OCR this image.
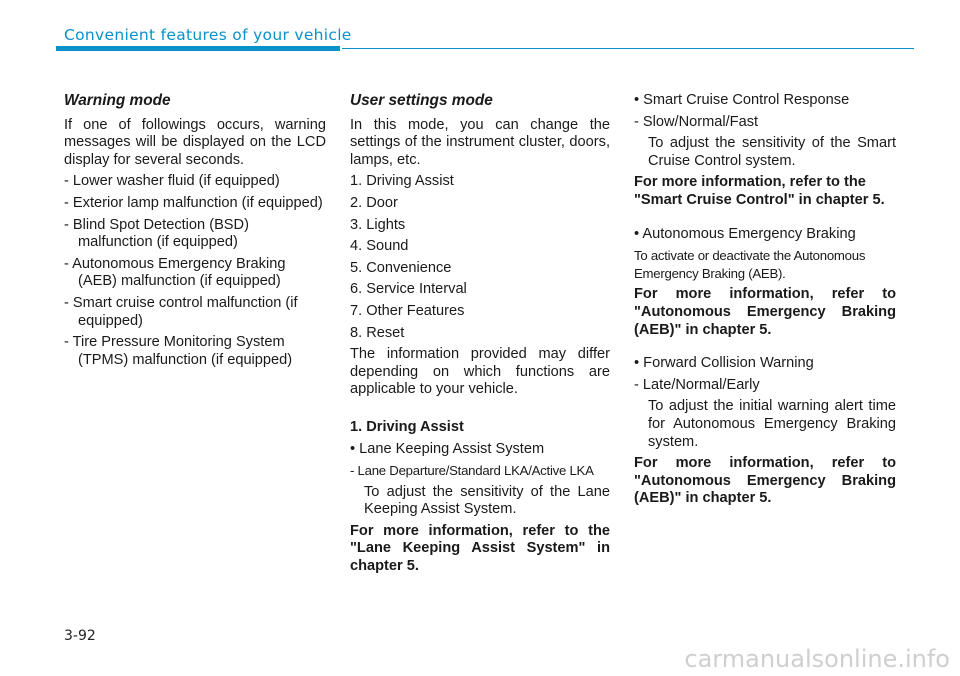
Convenient features of your vehicle
Warning mode

If one of followings occurs, warning messages will be displayed on the LCD display for several seconds.

- Lower washer fluid (if equipped)

- Exterior lamp malfunction (if equipped)

- Blind Spot Detection (BSD) malfunction (if equipped)

- Autonomous Emergency Braking (AEB) malfunction (if equipped)

- Smart cruise control malfunction (if equipped)

- Tire Pressure Monitoring System (TPMS) malfunction (if equipped)

User settings mode

In this mode, you can change the settings of the instrument cluster, doors, lamps, etc.

1. Driving Assist

2. Door

3. Lights

4. Sound

5. Convenience

6. Service Interval

7. Other Features

8. Reset

The information provided may differ depending on which functions are applicable to your vehicle.

1. Driving Assist

• Lane Keeping Assist System

- Lane Departure/Standard LKA/Active LKA

To adjust the sensitivity of the Lane Keeping Assist System.

For more information, refer to the "Lane Keeping Assist System" in chapter 5.

• Smart Cruise Control Response

- Slow/Normal/Fast

To adjust the sensitivity of the Smart Cruise Control system.

For more information, refer to the "Smart Cruise Control" in chapter 5.

• Autonomous Emergency Braking

To activate or deactivate the Autonomous Emergency Braking (AEB).

For more information, refer to "Autonomous Emergency Braking (AEB)" in chapter 5.

• Forward Collision Warning

- Late/Normal/Early

To adjust the initial warning alert time for Autonomous Emergency Braking system.

For more information, refer to "Autonomous Emergency Braking (AEB)" in chapter 5.

3-92
carmanualsonline.info
